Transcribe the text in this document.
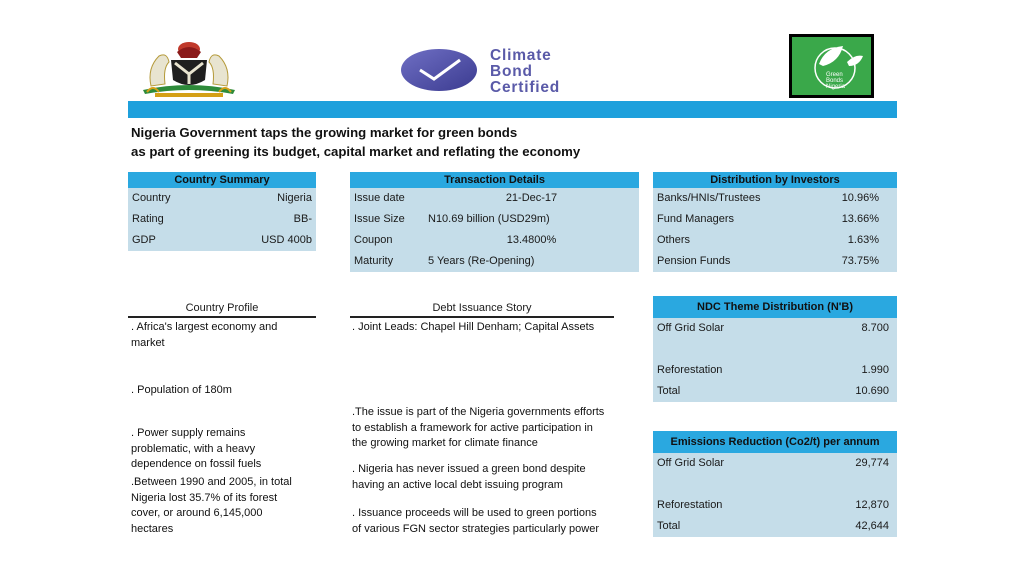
Climate
Bond
Certified
Green
Bonds
Nigeria
Nigeria Government taps the growing market for green bonds
as part of greening its budget, capital market and reflating the economy
Country Summary
Country	Nigeria
Rating	BB-
GDP	USD 400b
Transaction Details
Issue date	21-Dec-17
Issue Size	N10.69 billion (USD29m)
Coupon	13.4800%
Maturity	5 Years (Re-Opening)
Distribution by Investors
Banks/HNIs/Trustees	10.96%
Fund Managers	13.66%
Others	1.63%
Pension Funds	73.75%
NDC Theme Distribution (N'B)
Off Grid Solar	8.700
Reforestation	1.990
Total	10.690
Emissions Reduction (Co2/t) per annum
Off Grid Solar	29,774
Reforestation	12,870
Total	42,644
Country Profile
. Africa's largest economy and
market
. Population of 180m
. Power supply remains
problematic, with a heavy
dependence on fossil fuels
.Between 1990 and 2005, in total
Nigeria lost 35.7% of its forest
cover, or around 6,145,000
hectares
Debt Issuance Story
. Joint Leads: Chapel Hill Denham; Capital Assets
.The issue is part of the Nigeria governments efforts
to establish a framework for active participation in
the growing market for climate finance
. Nigeria has never issued a green bond despite
having an active local debt issuing program
. Issuance proceeds will be used to green portions
of various FGN sector strategies particularly power
